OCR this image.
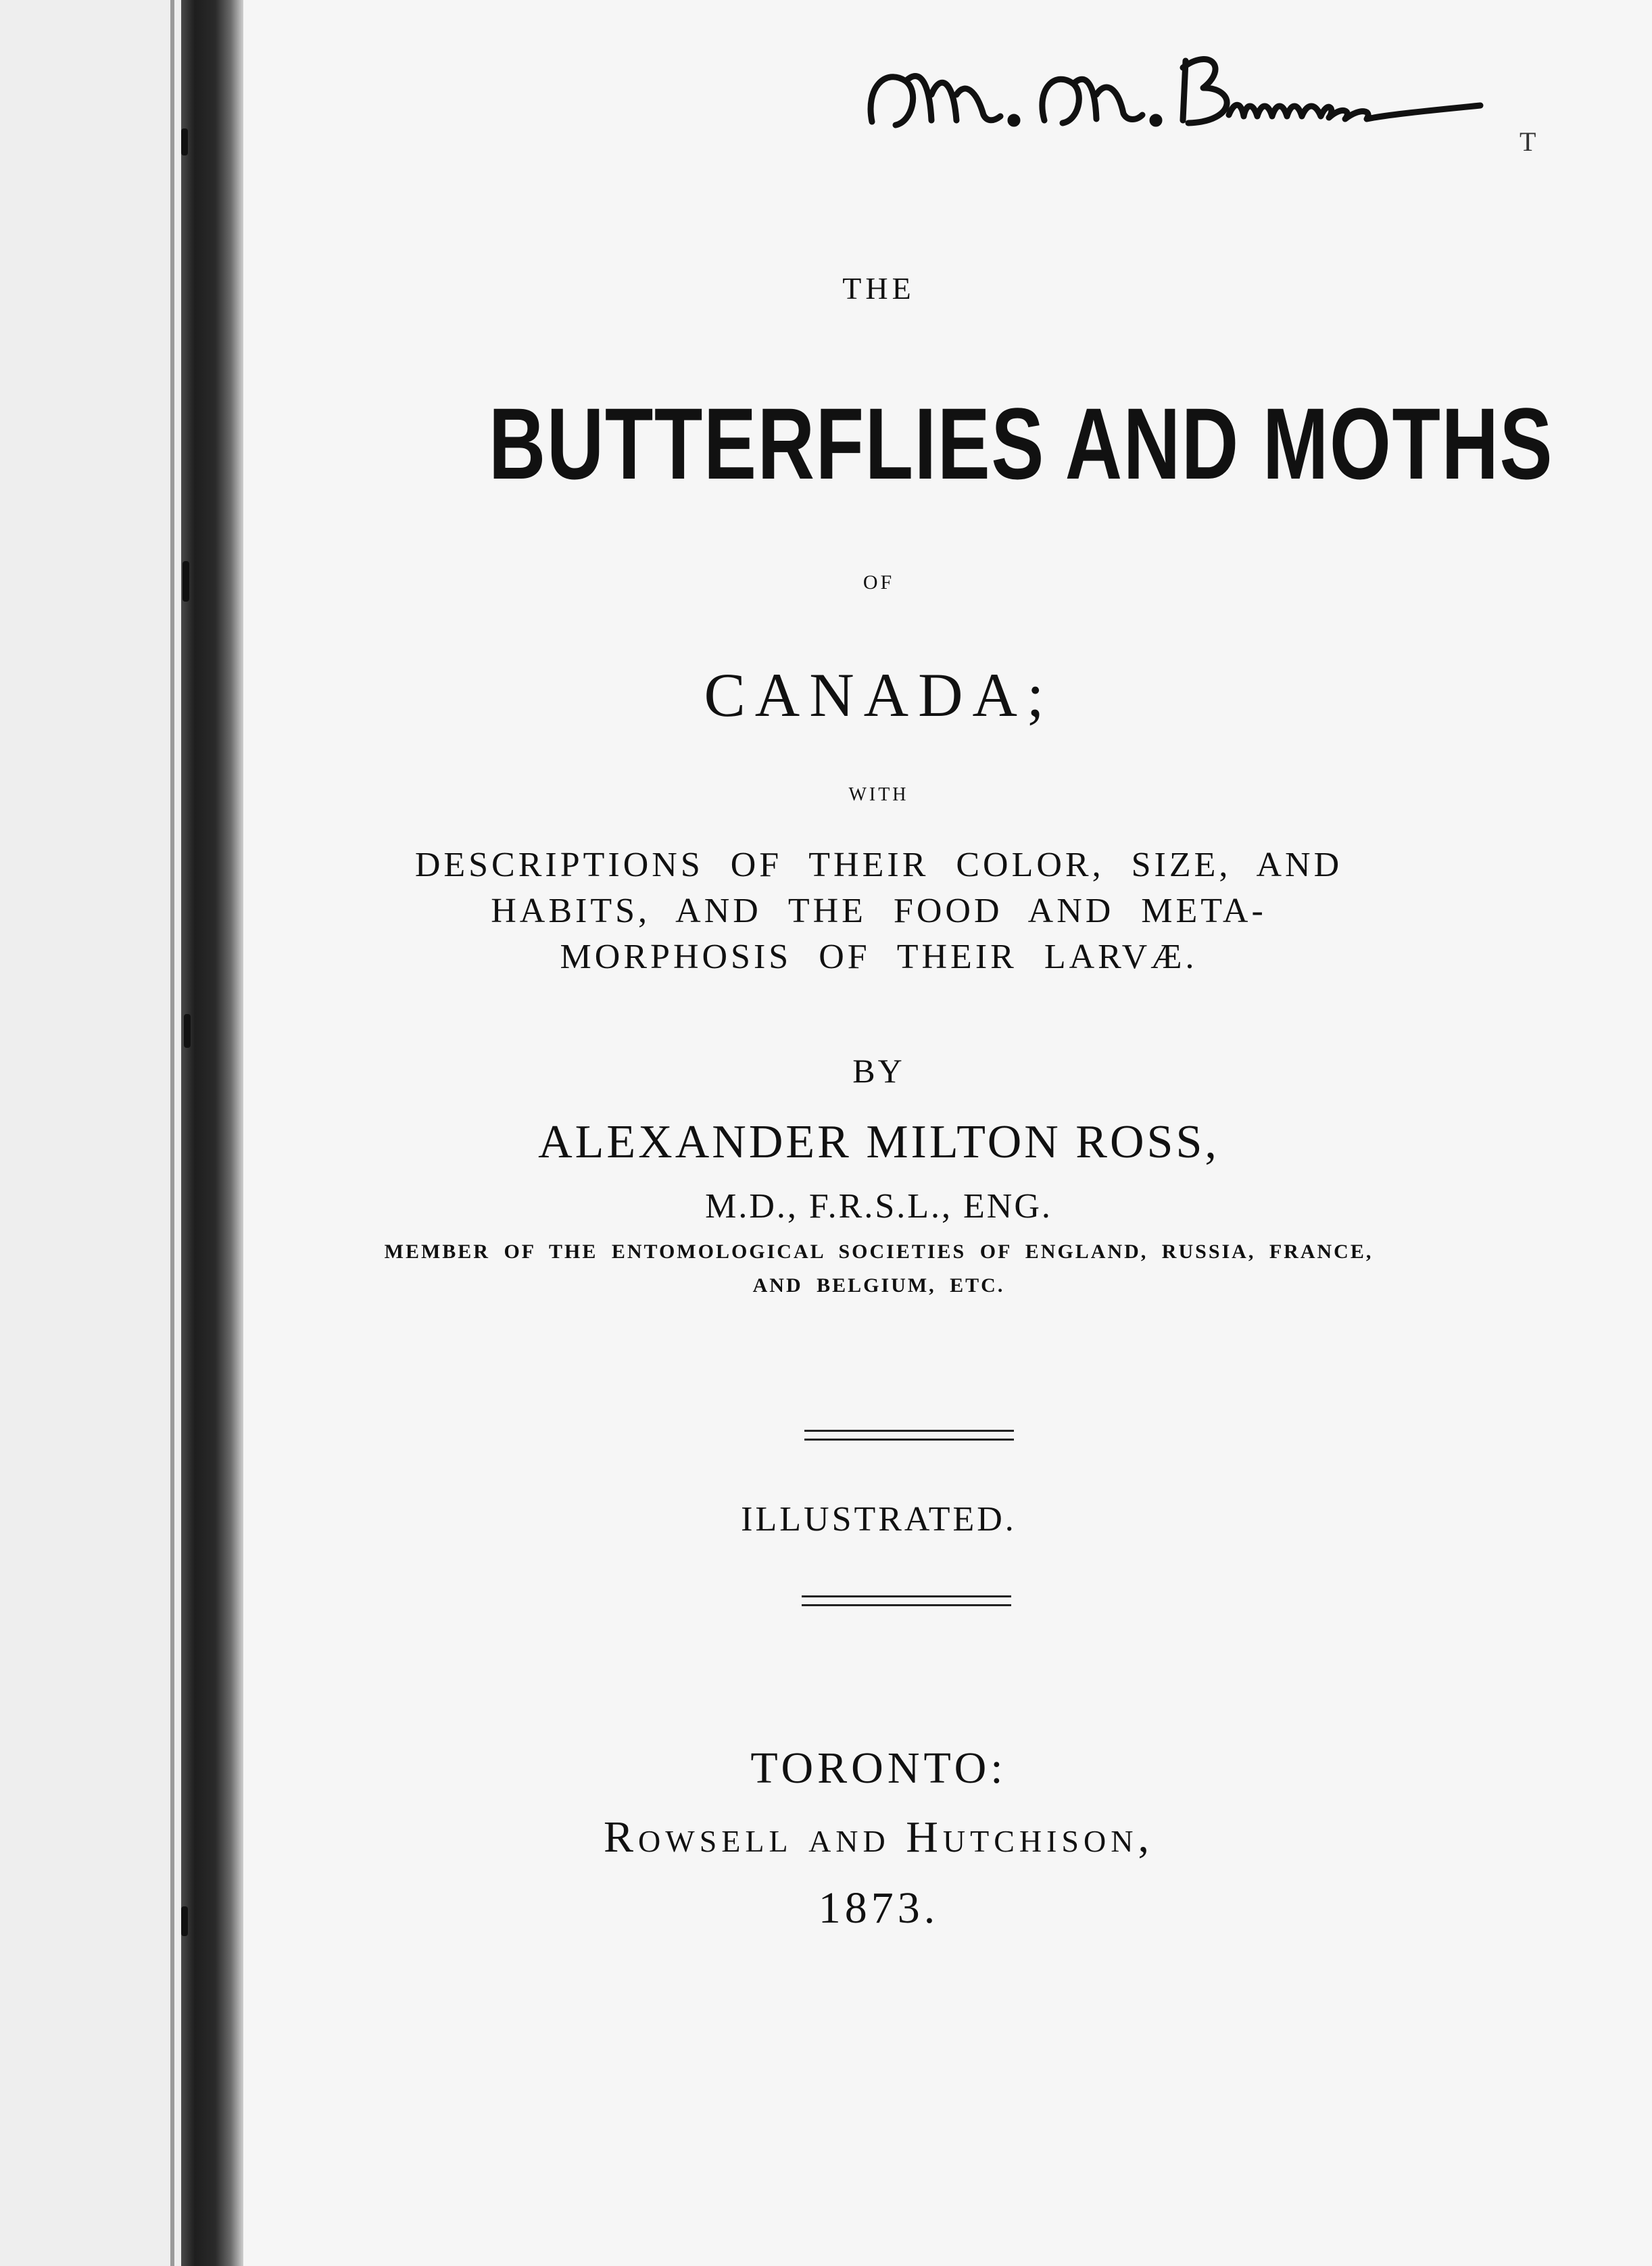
T
THE
BUTTERFLIES AND MOTHS
OF
CANADA;
WITH
DESCRIPTIONS OF THEIR COLOR, SIZE, AND
HABITS, AND THE FOOD AND META-
MORPHOSIS OF THEIR LARVÆ.
BY
ALEXANDER MILTON ROSS,
M.D., F.R.S.L., ENG.
MEMBER OF THE ENTOMOLOGICAL SOCIETIES OF ENGLAND, RUSSIA, FRANCE,
AND BELGIUM, ETC.
ILLUSTRATED.
TORONTO:
Rowsell and Hutchison,
1873.
